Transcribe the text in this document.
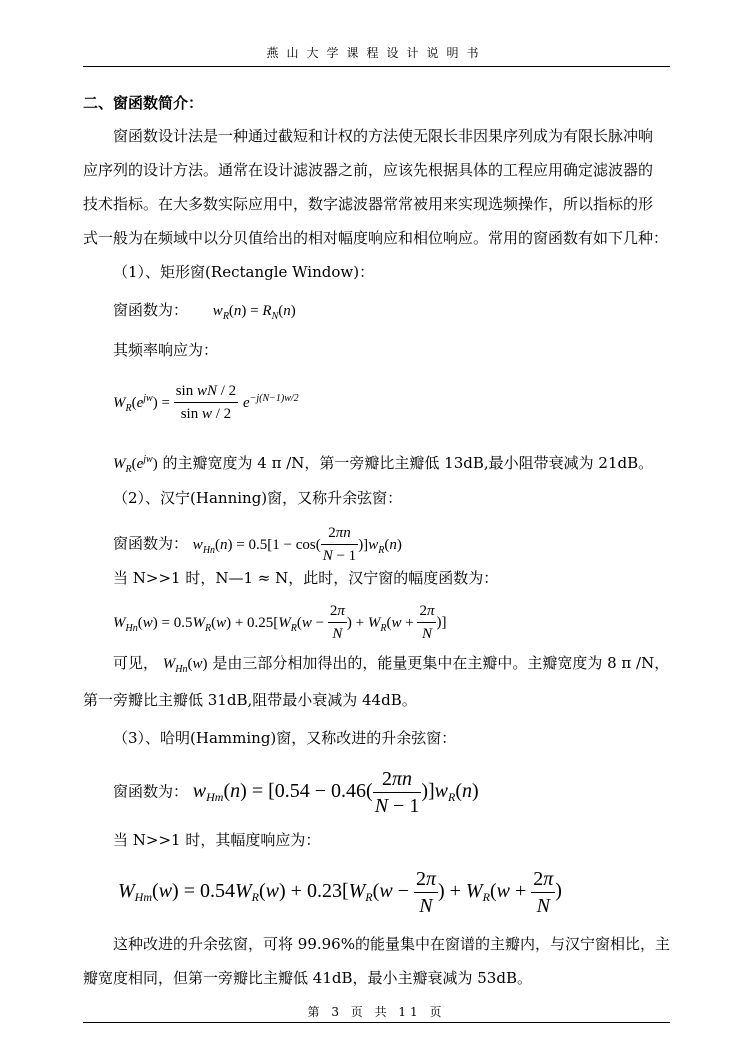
燕山大学课程设计说明书
二、窗函数简介：
窗函数设计法是一种通过截短和计权的方法使无限长非因果序列成为有限长脉冲响
应序列的设计方法。通常在设计滤波器之前，应该先根据具体的工程应用确定滤波器的
技术指标。在大多数实际应用中，数字滤波器常常被用来实现选频操作，所以指标的形
式一般为在频域中以分贝值给出的相对幅度响应和相位响应。常用的窗函数有如下几种：
（1）、矩形窗(Rectangle Window)：
窗函数为： $w_R(n) = R_N(n)$
其频率响应为：
$W_R(e^{jw}) = \frac{\text{sin wN / 2}}{\text{sin w / 2}} e^{-j(N-1)w/2}$
$W_R(e^{jw})$ 的主瓣宽度为 4 π /N，第一旁瓣比主瓣低 13dB,最小阻带衰减为 21dB。
（2）、汉宁(Hanning)窗，又称升余弦窗：
窗函数为： $w_{Hn}(n) = 0.5[1 - \cos( \frac{2\pi n}{N - 1} )]w_R(n)$
当 N>>1 时，N—1 ≈ N，此时，汉宁窗的幅度函数为：
$W_{Hn}(w) = 0.5W_R(w) + 0.25[W_R(w - \frac{2\pi}{N}$ ) + $W_R(w + \frac{2\pi}{N}$ )]
可见， $W_{Hn}(w)$ 是由三部分相加得出的，能量更集中在主瓣中。主瓣宽度为 8 π /N，
第一旁瓣比主瓣低 31dB,阻带最小衰减为 44dB。
（3）、哈明(Hamming)窗，又称改进的升余弦窗：
窗函数为： $w_{Hm}(n) = [0.54 - 0.46( \frac{2\pi n}{N - 1} )]w_R(n)$
当 N>>1 时，其幅度响应为：
$W_{Hm}(w) = 0.54W_R(w) + 0.23[W_R(w - \frac{2\pi}{N}$ ) + $W_R(w + \frac{2\pi}{N}$ )
这种改进的升余弦窗，可将 99.96%的能量集中在窗谱的主瓣内，与汉宁窗相比，主
瓣宽度相同，但第一旁瓣比主瓣低 41dB，最小主瓣衰减为 53dB。
第 3 页 共 11 页
